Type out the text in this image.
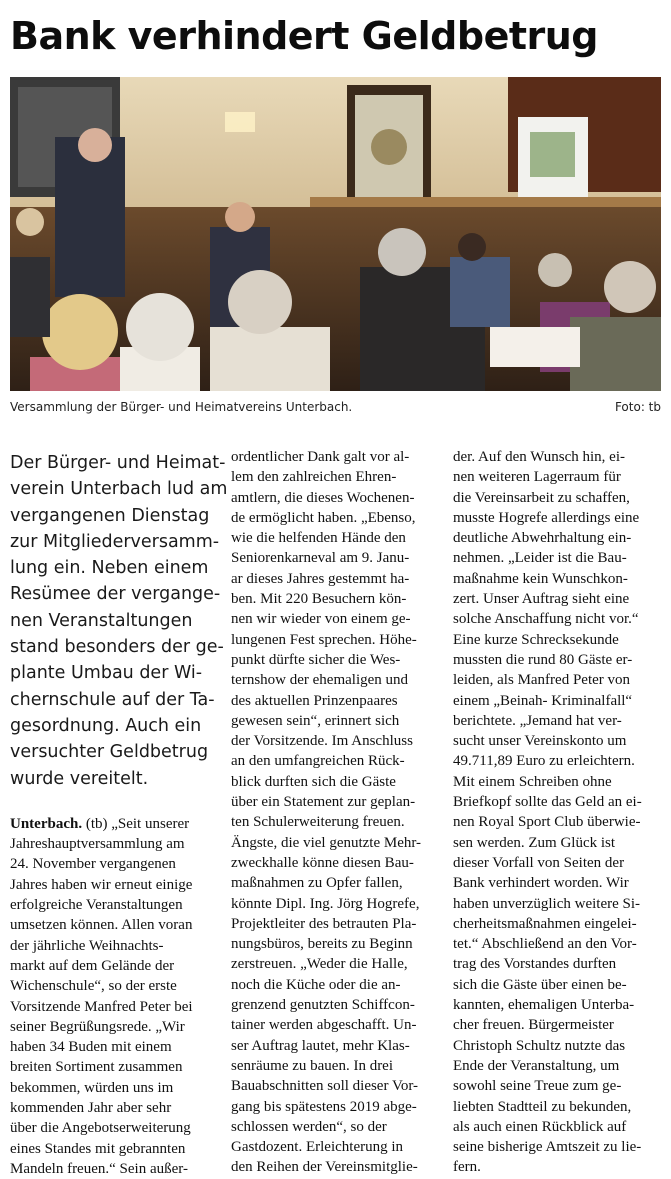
Bank verhindert Geldbetrug
Versammlung der Bürger- und Heimatvereins Unterbach.	Foto: tb
Der Bürger- und Heimat-
verein Unterbach lud am
vergangenen Dienstag
zur Mitgliederversamm-
lung ein. Neben einem
Resümee der vergange-
nen Veranstaltungen
stand besonders der ge-
plante Umbau der Wi-
chernschule auf der Ta-
gesordnung. Auch ein
versuchter Geldbetrug
wurde vereitelt.

Unterbach. (tb) „Seit unserer
Jahreshauptversammlung am
24. November vergangenen
Jahres haben wir erneut einige
erfolgreiche Veranstaltungen
umsetzen können. Allen voran
der jährliche Weihnachts-
markt auf dem Gelände der
Wichenschule“, so der erste
Vorsitzende Manfred Peter bei
seiner Begrüßungsrede. „Wir
haben 34 Buden mit einem
breiten Sortiment zusammen
bekommen, würden uns im
kommenden Jahr aber sehr
über die Angebotserweiterung
eines Standes mit gebrannten
Mandeln freuen.“ Sein außer-

ordentlicher Dank galt vor al-
lem den zahlreichen Ehren-
amtlern, die dieses Wochenen-
de ermöglicht haben. „Ebenso,
wie die helfenden Hände den
Seniorenkarneval am 9. Janu-
ar dieses Jahres gestemmt ha-
ben. Mit 220 Besuchern kön-
nen wir wieder von einem ge-
lungenen Fest sprechen. Höhe-
punkt dürfte sicher die Wes-
ternshow der ehemaligen und
des aktuellen Prinzenpaares
gewesen sein“, erinnert sich
der Vorsitzende. Im Anschluss
an den umfangreichen Rück-
blick durften sich die Gäste
über ein Statement zur geplan-
ten Schulerweiterung freuen.
Ängste, die viel genutzte Mehr-
zweckhalle könne diesen Bau-
maßnahmen zu Opfer fallen,
könnte Dipl. Ing. Jörg Hogrefe,
Projektleiter des betrauten Pla-
nungsbüros, bereits zu Beginn
zerstreuen. „Weder die Halle,
noch die Küche oder die an-
grenzend genutzten Schiffcon-
tainer werden abgeschafft. Un-
ser Auftrag lautet, mehr Klas-
senräume zu bauen. In drei
Bauabschnitten soll dieser Vor-
gang bis spätestens 2019 abge-
schlossen werden“, so der
Gastdozent. Erleichterung in
den Reihen der Vereinsmitglie-

der. Auf den Wunsch hin, ei-
nen weiteren Lagerraum für
die Vereinsarbeit zu schaffen,
musste Hogrefe allerdings eine
deutliche Abwehrhaltung ein-
nehmen. „Leider ist die Bau-
maßnahme kein Wunschkon-
zert. Unser Auftrag sieht eine
solche Anschaffung nicht vor.“
Eine kurze Schrecksekunde
mussten die rund 80 Gäste er-
leiden, als Manfred Peter von
einem „Beinah- Kriminalfall“
berichtete. „Jemand hat ver-
sucht unser Vereinskonto um
49.711,89 Euro zu erleichtern.
Mit einem Schreiben ohne
Briefkopf sollte das Geld an ei-
nen Royal Sport Club überwie-
sen werden. Zum Glück ist
dieser Vorfall von Seiten der
Bank verhindert worden. Wir
haben unverzüglich weitere Si-
cherheitsmaßnahmen eingelei-
tet.“ Abschließend an den Vor-
trag des Vorstandes durften
sich die Gäste über einen be-
kannten, ehemaligen Unterba-
cher freuen. Bürgermeister
Christoph Schultz nutzte das
Ende der Veranstaltung, um
sowohl seine Treue zum ge-
liebten Stadtteil zu bekunden,
als auch einen Rückblick auf
seine bisherige Amtszeit zu lie-
fern.
